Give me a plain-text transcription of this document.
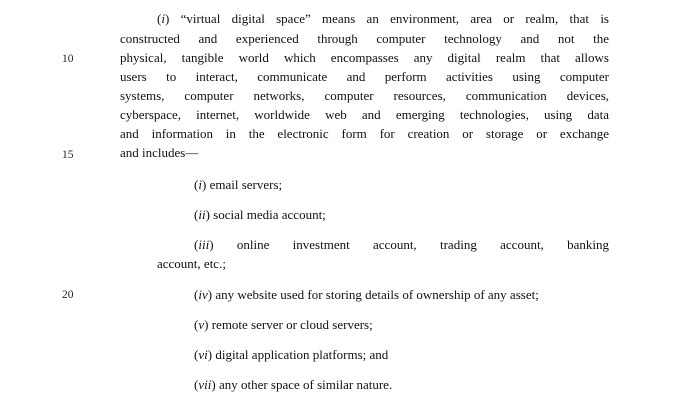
10
15
20
(i) “virtual digital space” means an environment, area or realm, that is
constructed and experienced through computer technology and not the
physical, tangible world which encompasses any digital realm that allows
users to interact, communicate and perform activities using computer
systems, computer networks, computer resources, communication devices,
cyberspace, internet, worldwide web and emerging technologies, using data
and information in the electronic form for creation or storage or exchange
and includes—
(i) email servers;
(ii) social media account;
(iii) online investment account, trading account, banking
account, etc.;
(iv) any website used for storing details of ownership of any asset;
(v) remote server or cloud servers;
(vi) digital application platforms; and
(vii) any other space of similar nature.
